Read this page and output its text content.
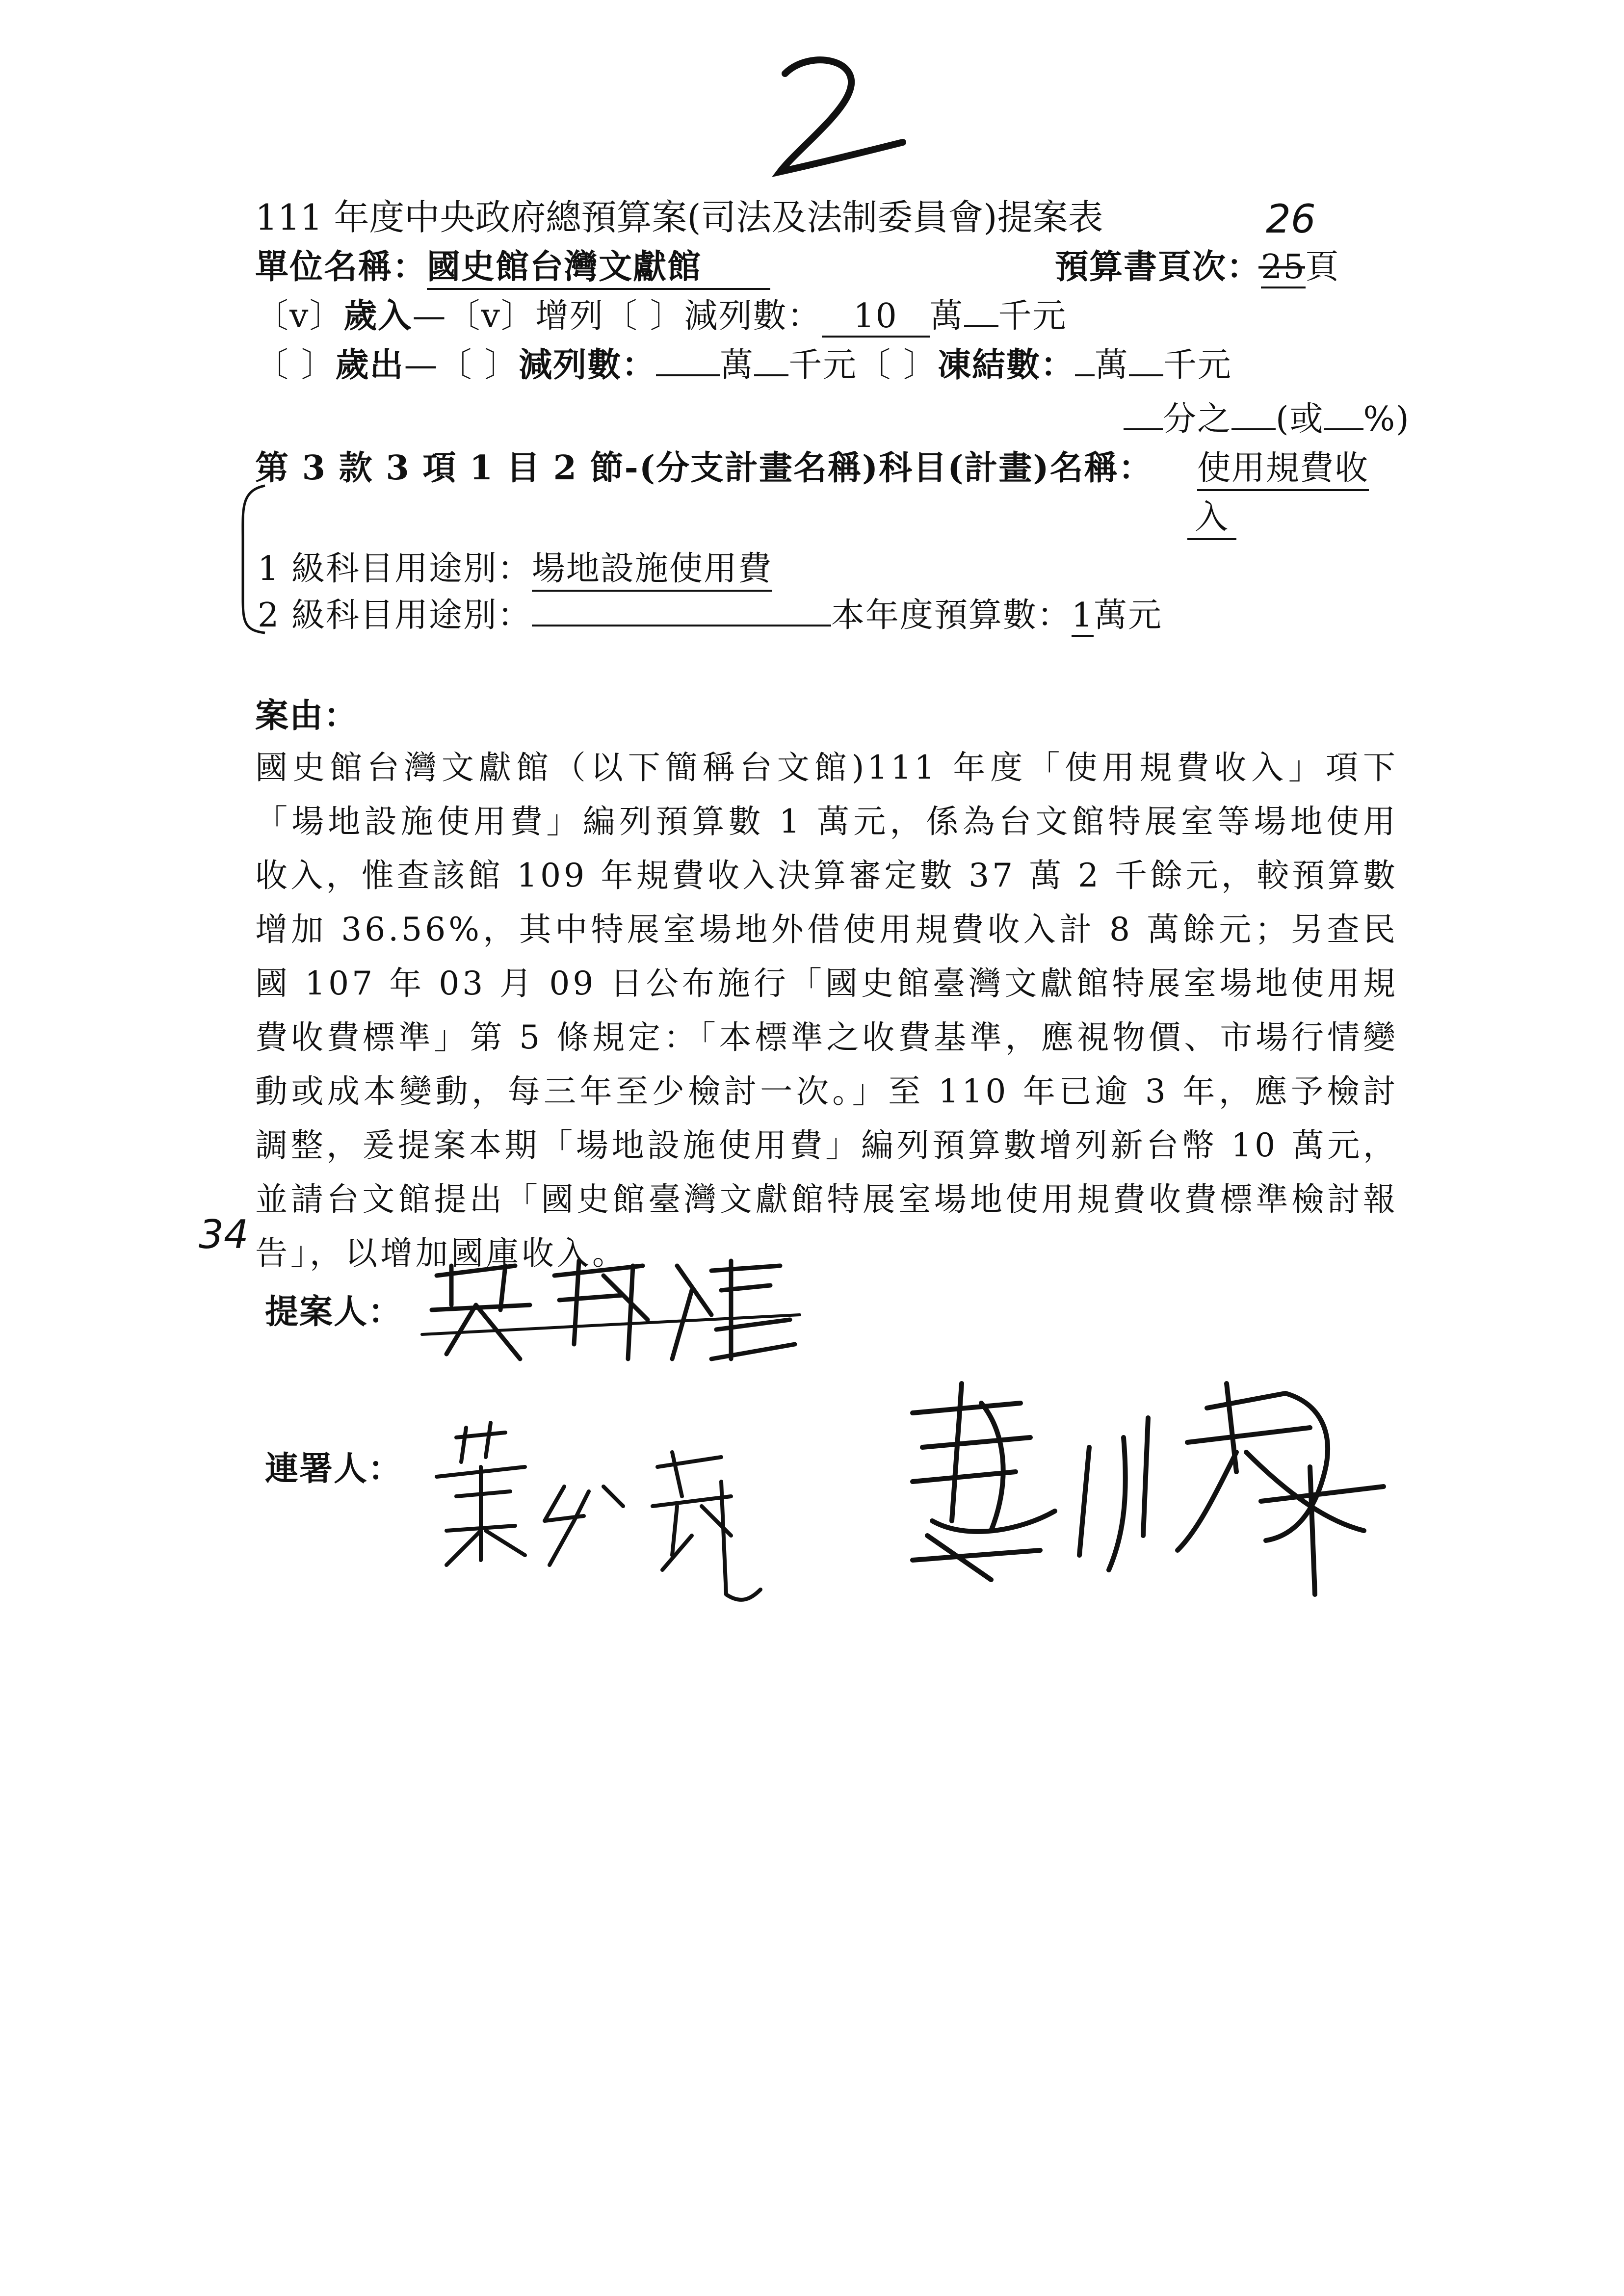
111 年度中央政府總預算案(司法及法制委員會)提案表	26
單位名稱：國史館台灣文獻館	預算書頁次：25
頁
〔v〕歲入—〔v〕增列〔 〕減列數： 10 萬 千元
〔 〕歲出—〔 〕減列數： 萬 千元〔 〕凍結數： 萬 千元
分之 (或 %)
第 3 款 3 項 1 目 2 節-(分支計畫名稱)科目(計畫)名稱： 使用規費收
入
1 級科目用途別：場地設施使用費
2 級科目用途別：	本年度預算數：1萬元
案由：

國史館台灣文獻館（以下簡稱台文館)111 年度「使用規費收入」項下「場地設施使用費」編列預算數 1 萬元，係為台文館特展室等場地使用收入，惟查該館 109 年規費收入決算審定數 37 萬 2 千餘元，較預算數增加 36.56%，其中特展室場地外借使用規費收入計 8 萬餘元；另查民國 107 年 03 月 09 日公布施行「國史館臺灣文獻館特展室場地使用規費收費標準」第 5 條規定：「本標準之收費基準，應視物價、市場行情變動或成本變動，每三年至少檢討一次。」至 110 年已逾 3 年，應予檢討調整，爰提案本期「場地設施使用費」編列預算數增列新台幣 10 萬元，並請台文館提出「國史館臺灣文獻館特展室場地使用規費收費標準檢討報告」，以增加國庫收入。

34
提案人：
連署人：
